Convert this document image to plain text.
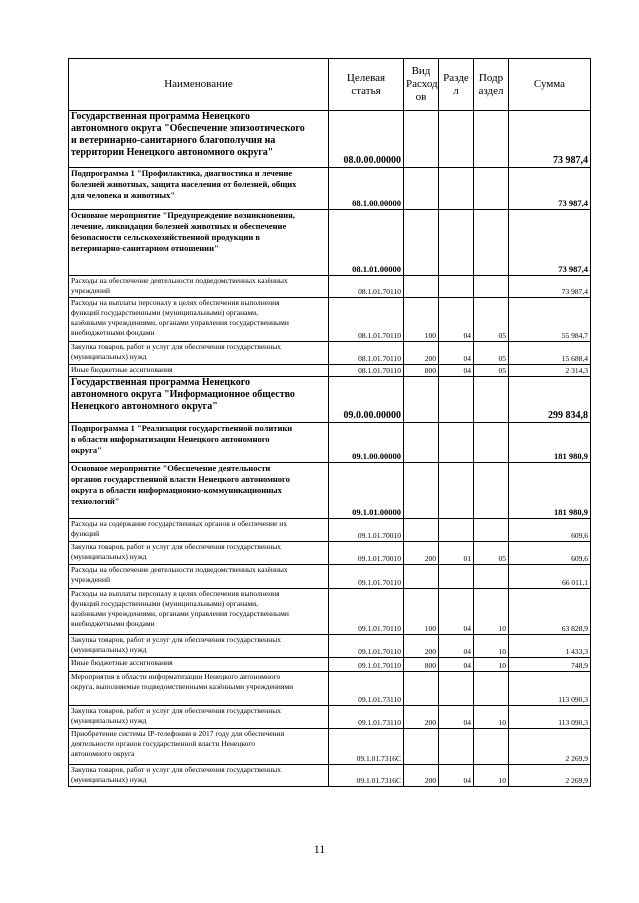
Наименование	Целевая
статья	Вид
Расход
ов	Разде
л	Подр
аздел	Сумма
Государственная программа Ненецкого
автономного округа "Обеспечение эпизоотического
и ветеринарно-санитарного благополучия на
территории Ненецкого автономного округа"	08.0.00.00000				73 987,4
Подпрограмма 1 "Профилактика, диагностика и лечение
болезней животных, защита населения от болезней, общих
для человека и животных"	08.1.00.00000				73 987,4
Основное мероприятие "Предупреждение возникновения,
лечение, ликвидация болезней животных и обеспечение
безопасности сельскохозяйственной продукции в
ветеринарно-санитарном отношении"	08.1.01.00000				73 987,4
Расходы на обеспечение деятельности подведомственных казённых
учреждений	08.1.01.70110				73 987,4
Расходы на выплаты персоналу в целях обеспечения выполнения
функций государственными (муниципальными) органами,
казёнными учреждениями, органами управления государственными
внебюджетными фондами	08.1.01.70110	100	04	05	55 984,7
Закупка товаров, работ и услуг для обеспечения государственных
(муниципальных) нужд	08.1.01.70110	200	04	05	15 688,4
Иные бюджетные ассигнования	08.1.01.70110	800	04	05	2 314,3
Государственная программа Ненецкого
автономного округа "Информационное общество
Ненецкого автономного округа"	09.0.00.00000				299 834,8
Подпрограмма 1 "Реализация государственной политики
в области информатизации Ненецкого автономного
округа"	09.1.00.00000				181 980,9
Основное мероприятие "Обеспечение деятельности
органов государственной власти Ненецкого автономного
округа в области информационно-коммуникационных
технологий"	09.1.01.00000				181 980,9
Расходы на содержание государственных органов и обеспечение их
функций	09.1.01.70010				609,6
Закупка товаров, работ и услуг для обеспечения государственных
(муниципальных) нужд	09.1.01.70010	200	01	05	609,6
Расходы на обеспечение деятельности подведомственных казённых
учреждений	09.1.01.70110				66 011,1
Расходы на выплаты персоналу в целях обеспечения выполнения
функций государственными (муниципальными) органами,
казёнными учреждениями, органами управления государственными
внебюджетными фондами	09.1.01.70110	100	04	10	63 828,9
Закупка товаров, работ и услуг для обеспечения государственных
(муниципальных) нужд	09.1.01.70110	200	04	10	1 433,3
Иные бюджетные ассигнования	09.1.01.70110	800	04	10	748,9
Мероприятия в области информатизации Ненецкого автономного
округа, выполняемые подведомственными казёнными учреждениями	09.1.01.73110				113 090,3
Закупка товаров, работ и услуг для обеспечения государственных
(муниципальных) нужд	09.1.01.73110	200	04	10	113 090,3
Приобретение системы IP-телефонии в 2017 году для обеспечения
деятельности органов государственной власти Ненецкого
автономного округа	09.1.01.7316C				2 269,9
Закупка товаров, работ и услуг для обеспечения государственных
(муниципальных) нужд	09.1.01.7316C	200	04	10	2 269,9
11
